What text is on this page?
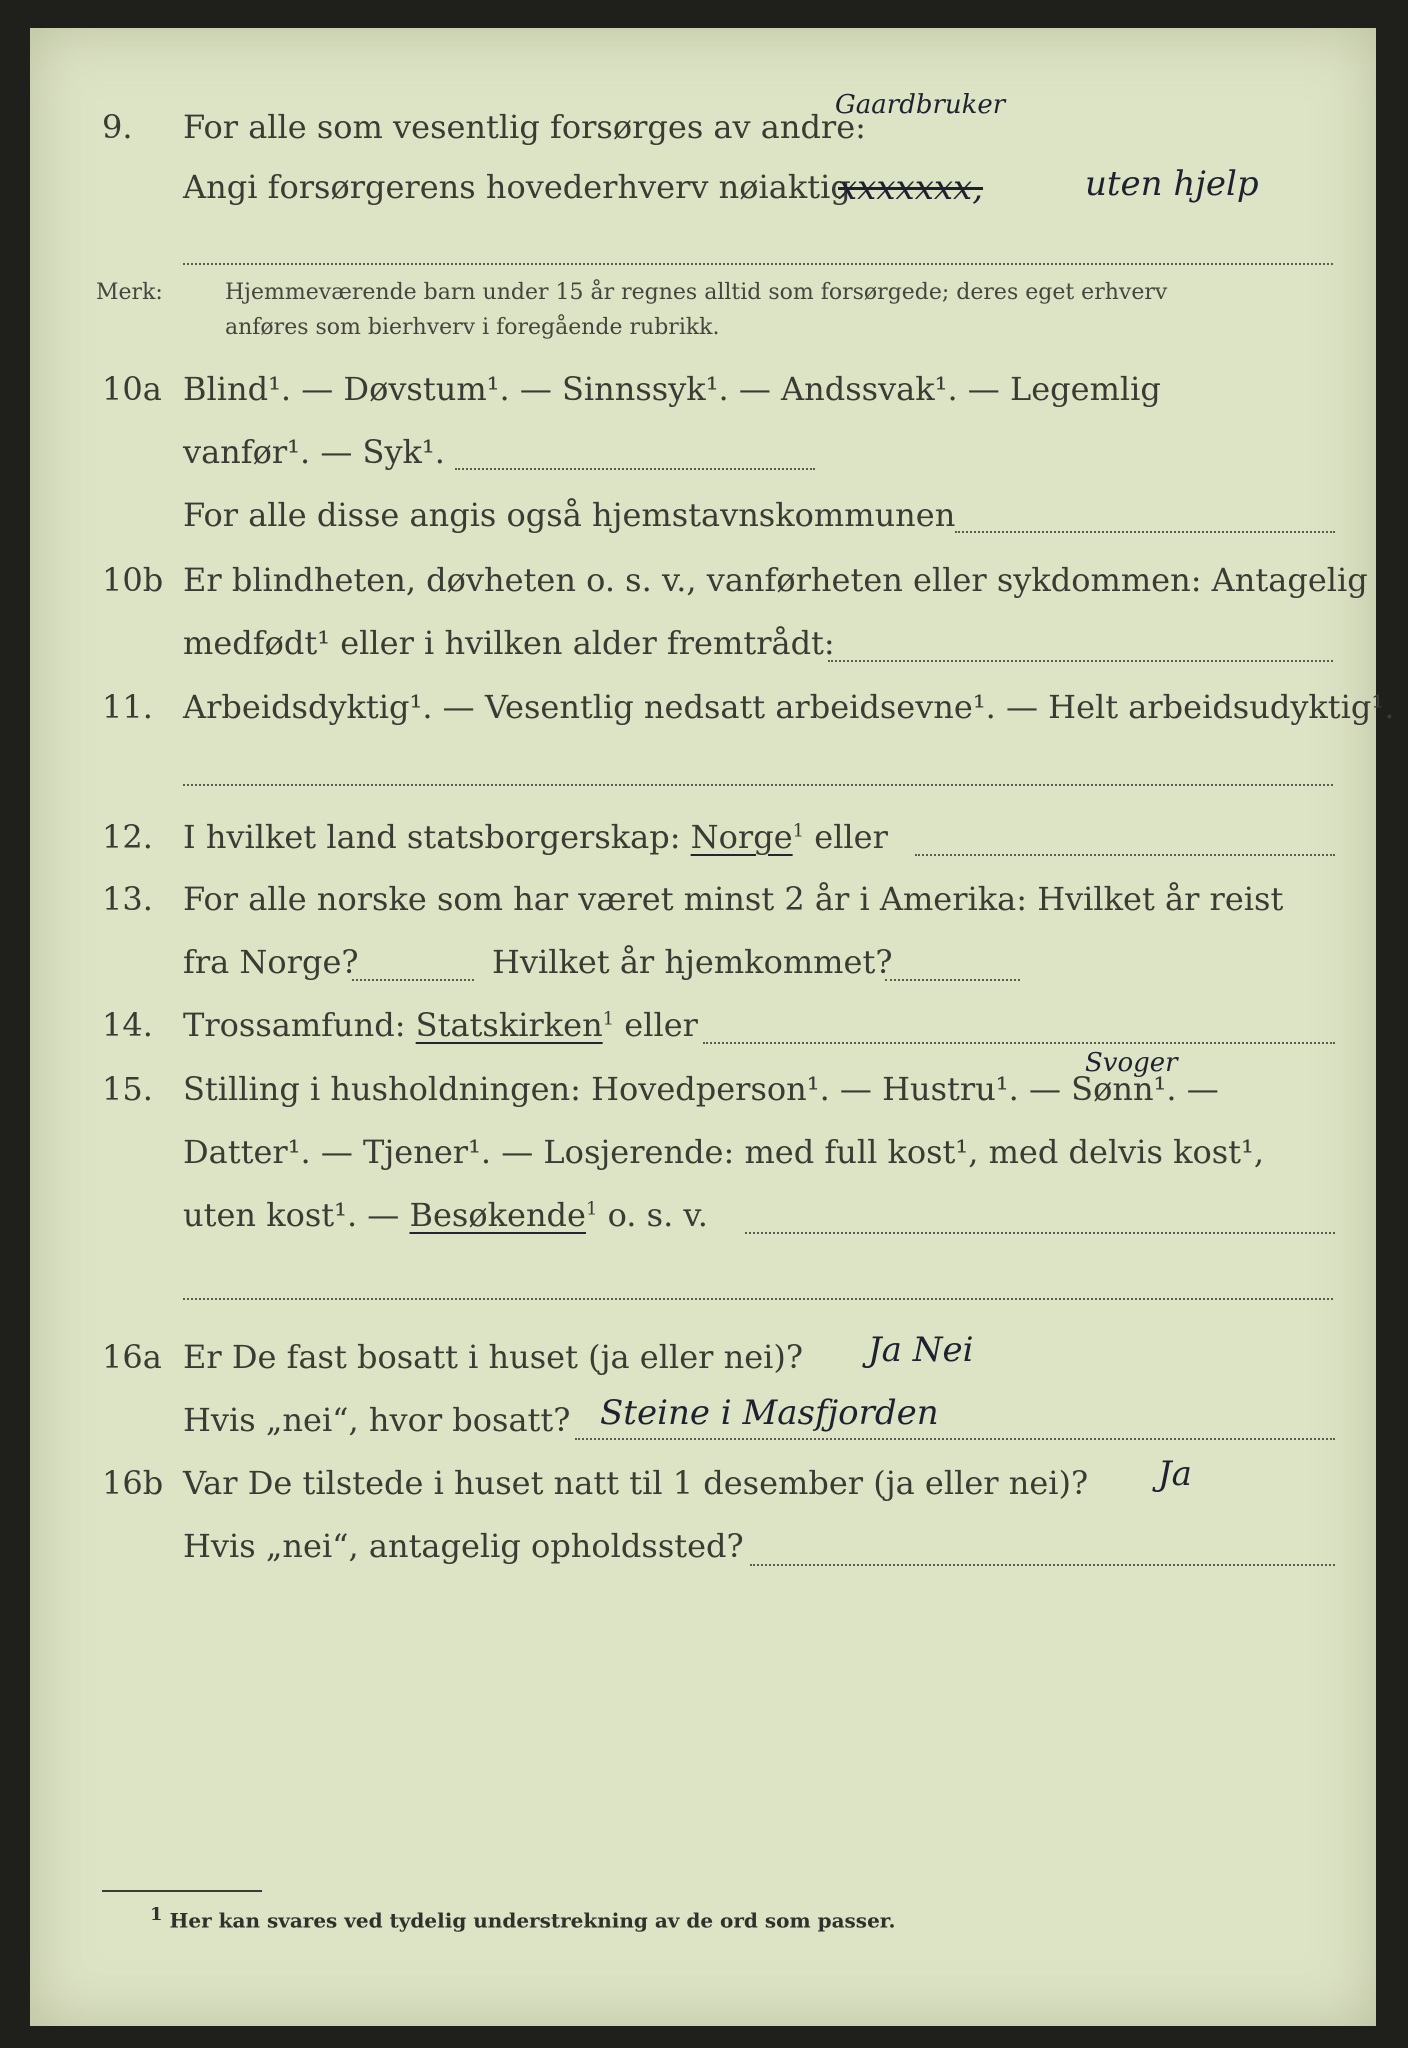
9. For alle som vesentlig forsørges av andre:
Gaardbruker
Angi forsørgerens hovederhverv nøiaktig
xxxxxxx,	uten hjelp
Merk:	Hjemmeværende barn under 15 år regnes alltid som forsørgede; deres eget erhverv
anføres som bierhverv i foregående rubrikk.
10a Blind¹. — Døvstum¹. — Sinnssyk¹. — Andssvak¹. — Legemlig
vanfør¹. — Syk¹.
For alle disse angis også hjemstavnskommunen
10b Er blindheten, døvheten o. s. v., vanførheten eller sykdommen: Antagelig
medfødt¹ eller i hvilken alder fremtrådt:
11. Arbeidsdyktig¹. — Vesentlig nedsatt arbeidsevne¹. — Helt arbeidsudyktig¹.
12. I hvilket land statsborgerskap: Norge$^1$ eller
13. For alle norske som har været minst 2 år i Amerika: Hvilket år reist
fra Norge?	Hvilket år hjemkommet?
14. Trossamfund: Statskirken$^1$ eller
15. Stilling i husholdningen: Hovedperson¹. — Hustru¹. — Sønn¹. —
Svoger
Datter¹. — Tjener¹. — Losjerende: med full kost¹, med delvis kost¹,
uten kost¹. — Besøkende$^1$ o. s. v.
16a Er De fast bosatt i huset (ja eller nei)? Ja Nei
Hvis „nei“, hvor bosatt? Steine i Masfjorden
16b Var De tilstede i huset natt til 1 desember (ja eller nei)? Ja
Hvis „nei“, antagelig opholdssted?
1 Her kan svares ved tydelig understrekning av de ord som passer.
